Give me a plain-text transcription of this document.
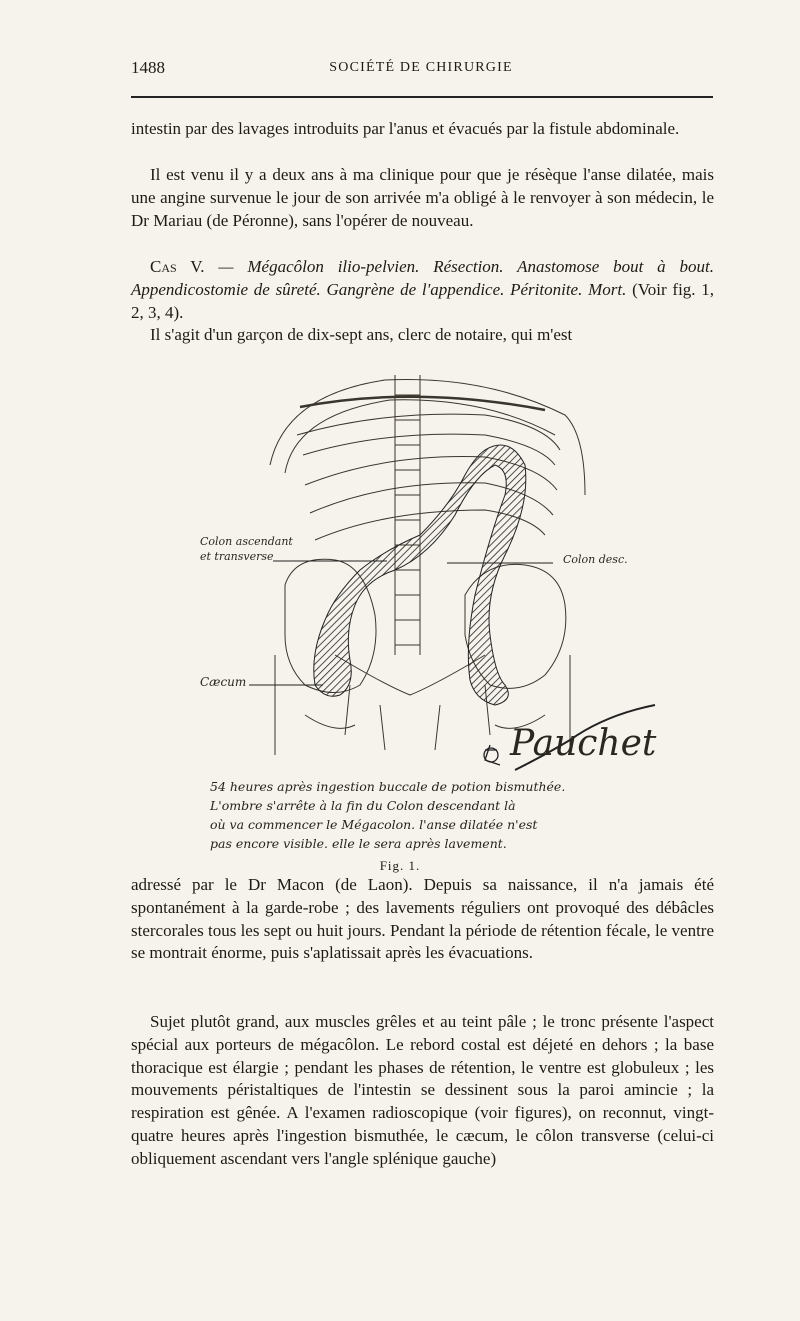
1488	SOCIÉTÉ DE CHIRURGIE

intestin par des lavages introduits par l'anus et évacués par la fistule abdominale.

Il est venu il y a deux ans à ma clinique pour que je résèque l'anse dilatée, mais une angine survenue le jour de son arrivée m'a obligé à le renvoyer à son médecin, le Dr Mariau (de Péronne), sans l'opérer de nouveau.

Cas V. — Mégacôlon ilio-pelvien. Résection. Anastomose bout à bout. Appendicostomie de sûreté. Gangrène de l'appendice. Péritonite. Mort. (Voir fig. 1, 2, 3, 4).

Il s'agit d'un garçon de dix-sept ans, clerc de notaire, qui m'est

Colon ascendant
et transverse	Colon desc.
Cæcum
Pauchet
54 heures après ingestion buccale de potion bismuthée.
L'ombre s'arrête à la fin du Colon descendant là
où va commencer le Mégacolon. l'anse dilatée n'est
pas encore visible. elle le sera après lavement.
Fig. 1.

adressé par le Dr Macon (de Laon). Depuis sa naissance, il n'a jamais été spontanément à la garde-robe ; des lavements réguliers ont provoqué des débâcles stercorales tous les sept ou huit jours. Pendant la période de rétention fécale, le ventre se montrait énorme, puis s'aplatissait après les évacuations.

Sujet plutôt grand, aux muscles grêles et au teint pâle ; le tronc présente l'aspect spécial aux porteurs de mégacôlon. Le rebord costal est déjeté en dehors ; la base thoracique est élargie ; pendant les phases de rétention, le ventre est globuleux ; les mouvements péristaltiques de l'intestin se dessinent sous la paroi amincie ; la respiration est gênée. A l'examen radioscopique (voir figures), on reconnut, vingt-quatre heures après l'ingestion bismuthée, le cæcum, le côlon transverse (celui-ci obliquement ascendant vers l'angle splénique gauche)
